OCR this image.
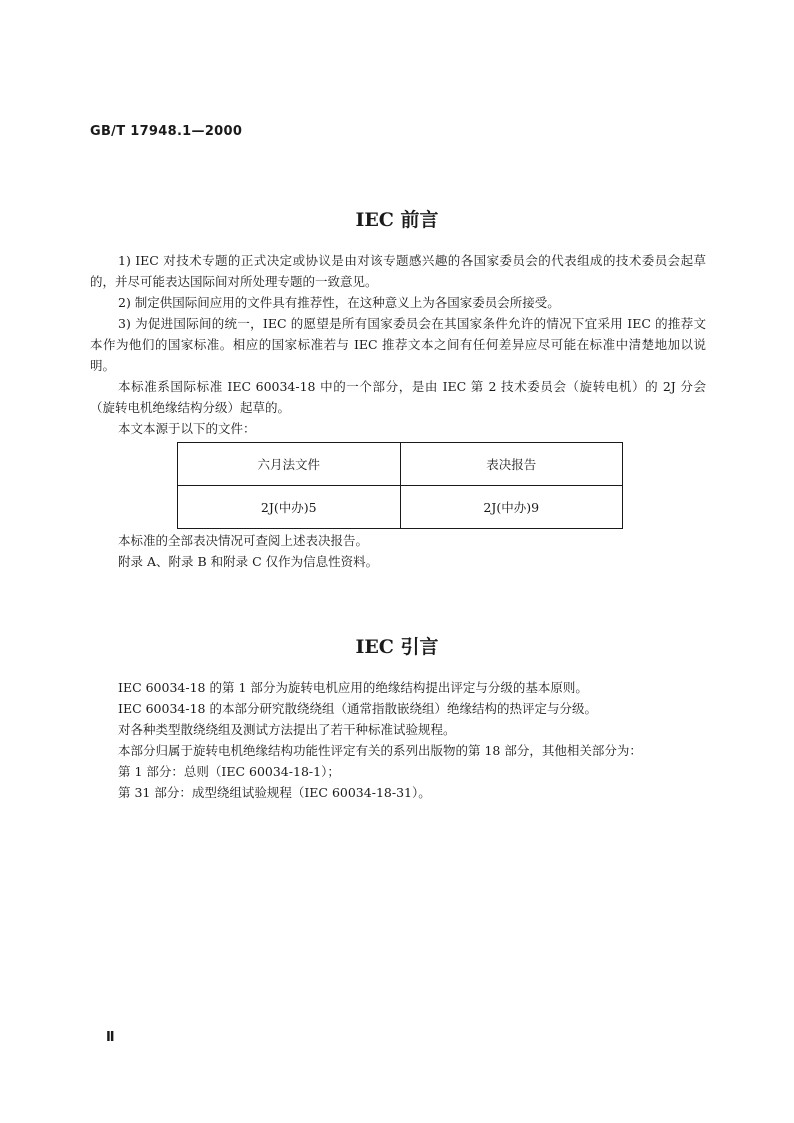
GB/T 17948.1—2000
IEC 前言
1) IEC 对技术专题的正式决定或协议是由对该专题感兴趣的各国家委员会的代表组成的技术委员会起草的，并尽可能表达国际间对所处理专题的一致意见。
2) 制定供国际间应用的文件具有推荐性，在这种意义上为各国家委员会所接受。
3) 为促进国际间的统一，IEC 的愿望是所有国家委员会在其国家条件允许的情况下宜采用 IEC 的推荐文本作为他们的国家标准。相应的国家标准若与 IEC 推荐文本之间有任何差异应尽可能在标准中清楚地加以说明。
本标准系国际标准 IEC 60034-18 中的一个部分，是由 IEC 第 2 技术委员会（旋转电机）的 2J 分会（旋转电机绝缘结构分级）起草的。
本文本源于以下的文件：
六月法文件	表决报告
2J(中办)5	2J(中办)9
本标准的全部表决情况可查阅上述表决报告。
附录 A、附录 B 和附录 C 仅作为信息性资料。
IEC 引言
IEC 60034-18 的第 1 部分为旋转电机应用的绝缘结构提出评定与分级的基本原则。
IEC 60034-18 的本部分研究散绕绕组（通常指散嵌绕组）绝缘结构的热评定与分级。
对各种类型散绕绕组及测试方法提出了若干种标准试验规程。
本部分归属于旋转电机绝缘结构功能性评定有关的系列出版物的第 18 部分，其他相关部分为：
第 1 部分：总则（IEC 60034-18-1）；
第 31 部分：成型绕组试验规程（IEC 60034-18-31）。
Ⅱ
